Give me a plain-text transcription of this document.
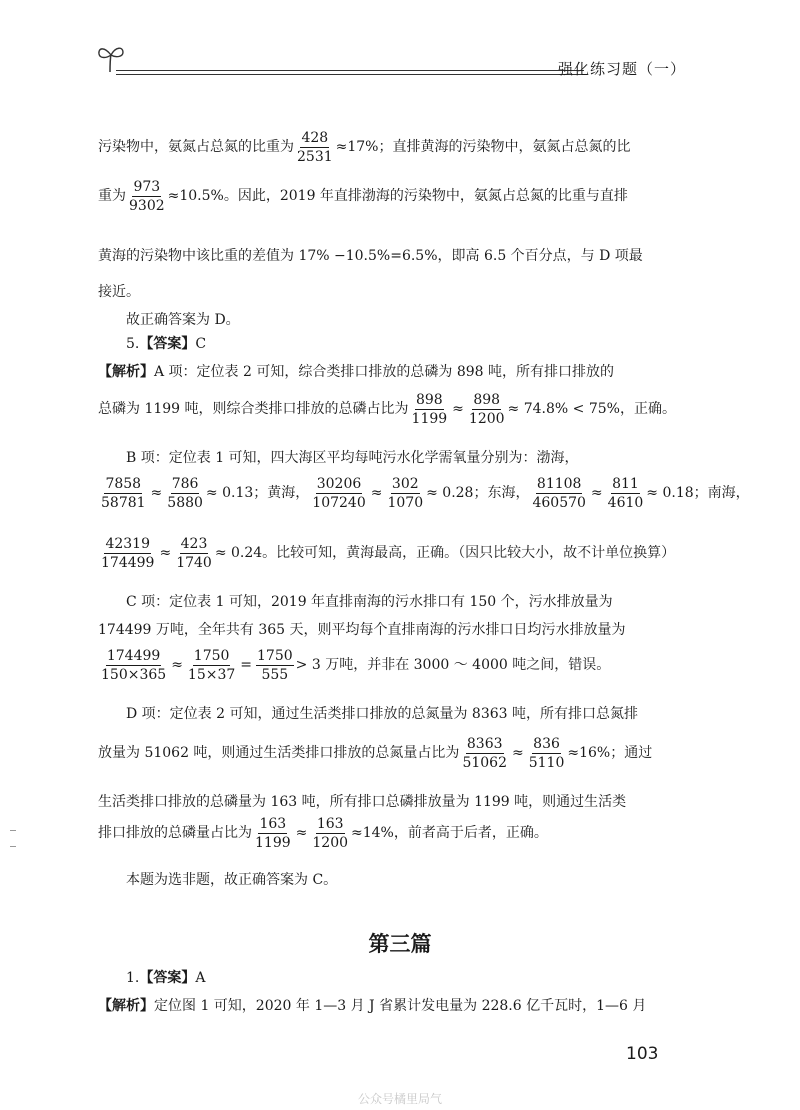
强化练习题（一）
污染物中，氨氮占总氮的比重为 $\frac{428}{2531} \approx 17\%$；直排黄海的污染物中，氨氮占总氮的比
重为 $\frac{973}{9302} \approx 10.5\%$。因此，2019 年直排渤海的污染物中，氨氮占总氮的比重与直排
黄海的污染物中该比重的差值为 17% −10.5%=6.5%，即高 6.5 个百分点，与 D 项最
接近。
故正确答案为 D。
5. 【答案】 C
【解析】 A 项：定位表 2 可知，综合类排口排放的总磷为 898 吨，所有排口排放的
总磷为 1199 吨，则综合类排口排放的总磷占比为 $\frac{898}{1199} \approx \frac{898}{1200} \approx 74.8\% < 75\%$，正确。
B 项：定位表 1 可知，四大海区平均每吨污水化学需氧量分别为：渤海，
$\frac{7858}{58781} \approx \frac{786}{5880} \approx 0.13$；黄海， $\frac{30206}{107240} \approx \frac{302}{1070} \approx 0.28$；东海， $\frac{81108}{460570} \approx \frac{811}{4610} \approx 0.18$；南海，
$\frac{42319}{174499} \approx \frac{423}{1740} \approx 0.24$。比较可知，黄海最高，正确。（因只比较大小，故不计单位换算）
C 项：定位表 1 可知，2019 年直排南海的污水排口有 150 个，污水排放量为
174499 万吨，全年共有 365 天，则平均每个直排南海的污水排口日均污水排放量为
$\frac{174499}{150\times 365} \approx \frac{1750}{15\times 37} = \frac{1750}{555} > 3$ 万吨，并非在 3000 ～ 4000 吨之间，错误。
D 项：定位表 2 可知，通过生活类排口排放的总氮量为 8363 吨，所有排口总氮排
放量为 51062 吨，则通过生活类排口排放的总氮量占比为 $\frac{8363}{51062} \approx \frac{836}{5110} \approx 16\%$；通过
生活类排口排放的总磷量为 163 吨，所有排口总磷排放量为 1199 吨，则通过生活类
排口排放的总磷量占比为 $\frac{163}{1199} \approx \frac{163}{1200} \approx 14\%$，前者高于后者，正确。
本题为选非题，故正确答案为 C。
1. 【答案】 A
【解析】 定位图 1 可知，2020 年 1—3 月 J 省累计发电量为 228.6 亿千瓦时，1—6 月
第三篇
103
公众号橘里局气
